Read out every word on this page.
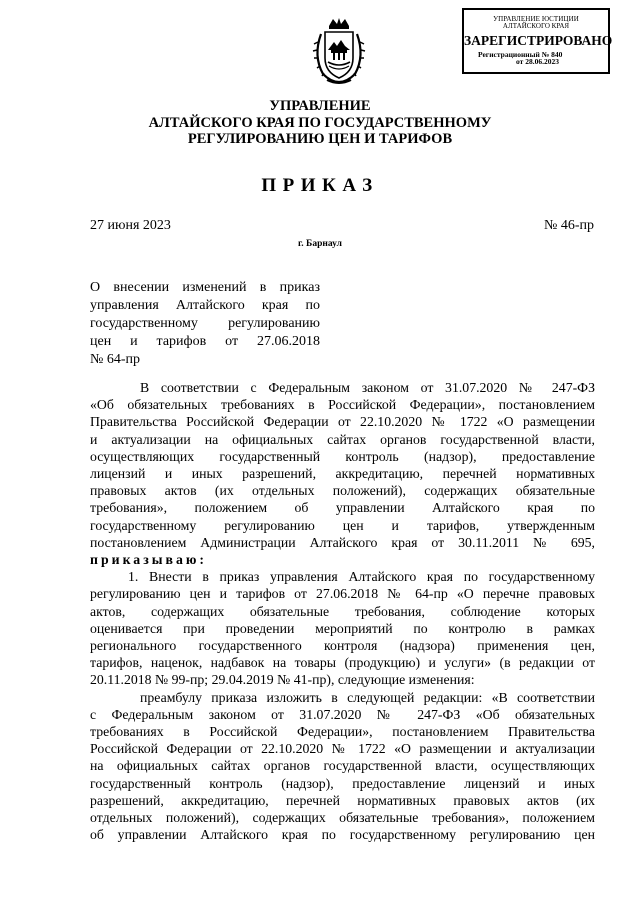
УПРАВЛЕНИЕ ЮСТИЦИИ
АЛТАЙСКОГО КРАЯ
ЗАРЕГИСТРИРОВАНО
Регистрационный № 840
от 28.06.2023
УПРАВЛЕНИЕ
АЛТАЙСКОГО КРАЯ ПО ГОСУДАРСТВЕННОМУ
РЕГУЛИРОВАНИЮ ЦЕН И ТАРИФОВ
ПРИКАЗ
27 июня 2023	№ 46-пр
г. Барнаул
О внесении изменений в приказ
управления Алтайского края по
государственному регулированию
цен и тарифов от 27.06.2018
№ 64-пр
В соответствии с Федеральным законом от 31.07.2020 № 247-ФЗ
«Об обязательных требованиях в Российской Федерации», постановлением
Правительства Российской Федерации от 22.10.2020 № 1722 «О размещении
и актуализации на официальных сайтах органов государственной власти,
осуществляющих государственный контроль (надзор), предоставление
лицензий и иных разрешений, аккредитацию, перечней нормативных
правовых актов (их отдельных положений), содержащих обязательные
требования», положением об управлении Алтайского края по
государственному регулированию цен и тарифов, утвержденным
постановлением Администрации Алтайского края от 30.11.2011 № 695,
приказываю:
1. Внести в приказ управления Алтайского края по государственному
регулированию цен и тарифов от 27.06.2018 № 64-пр «О перечне правовых
актов, содержащих обязательные требования, соблюдение которых
оценивается при проведении мероприятий по контролю в рамках
регионального государственного контроля (надзора) применения цен,
тарифов, наценок, надбавок на товары (продукцию) и услуги» (в редакции от
20.11.2018 № 99-пр; 29.04.2019 № 41-пр), следующие изменения:
преамбулу приказа изложить в следующей редакции: «В соответствии
с Федеральным законом от 31.07.2020 № 247-ФЗ «Об обязательных
требованиях в Российской Федерации», постановлением Правительства
Российской Федерации от 22.10.2020 № 1722 «О размещении и актуализации
на официальных сайтах органов государственной власти, осуществляющих
государственный контроль (надзор), предоставление лицензий и иных
разрешений, аккредитацию, перечней нормативных правовых актов (их
отдельных положений), содержащих обязательные требования», положением
об управлении Алтайского края по государственному регулированию цен
